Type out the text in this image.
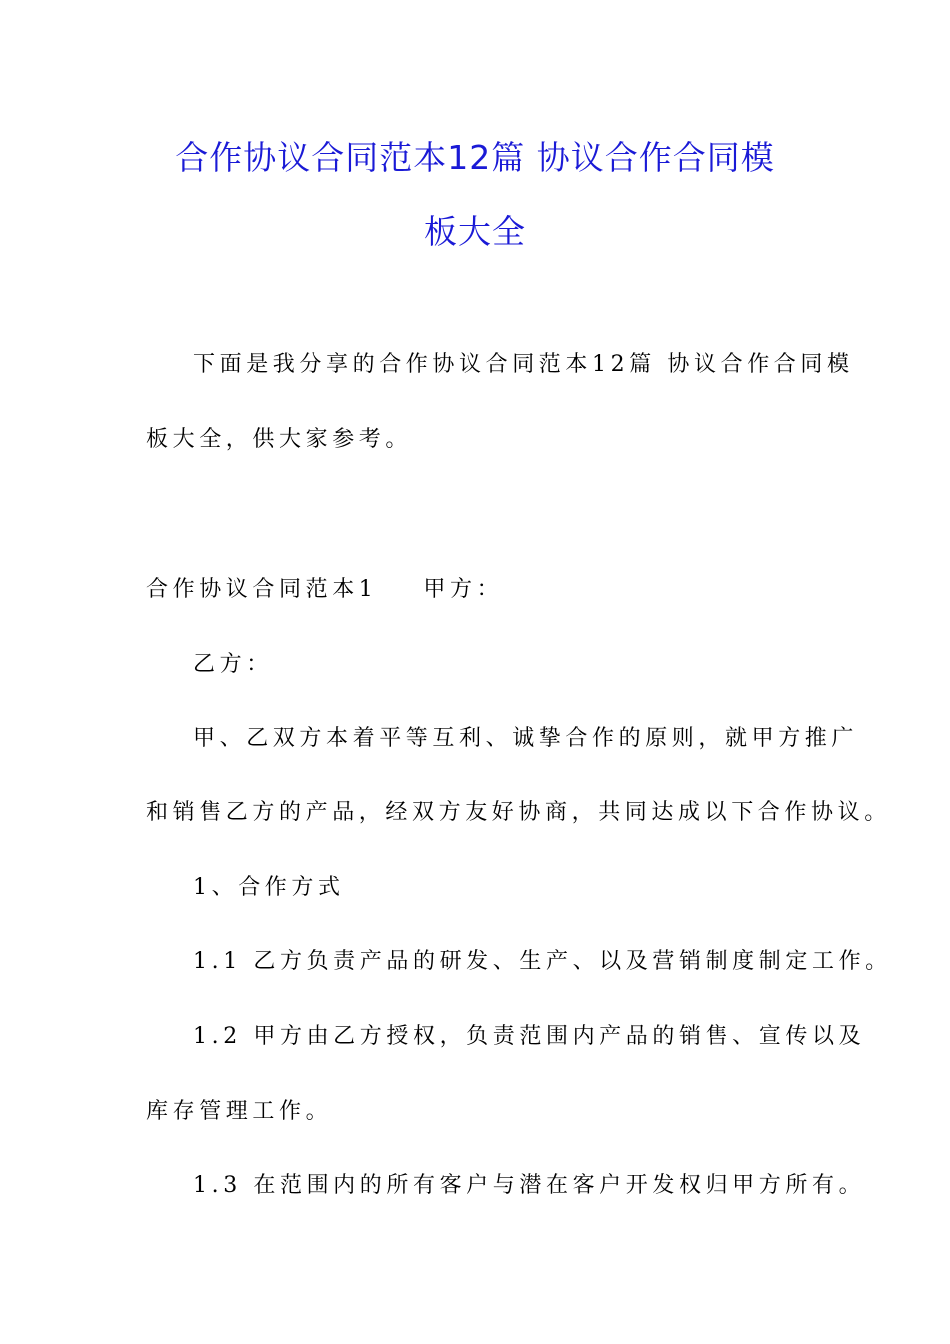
合作协议合同范本12篇 协议合作合同模
板大全

下面是我分享的合作协议合同范本12篇 协议合作合同模

板大全，供大家参考。

合作协议合同范本1 甲方：

乙方：

甲、乙双方本着平等互利、诚挚合作的原则，就甲方推广

和销售乙方的产品，经双方友好协商，共同达成以下合作协议。

1、合作方式

1.1 乙方负责产品的研发、生产、以及营销制度制定工作。

1.2 甲方由乙方授权，负责范围内产品的销售、宣传以及

库存管理工作。

1.3 在范围内的所有客户与潜在客户开发权归甲方所有。
